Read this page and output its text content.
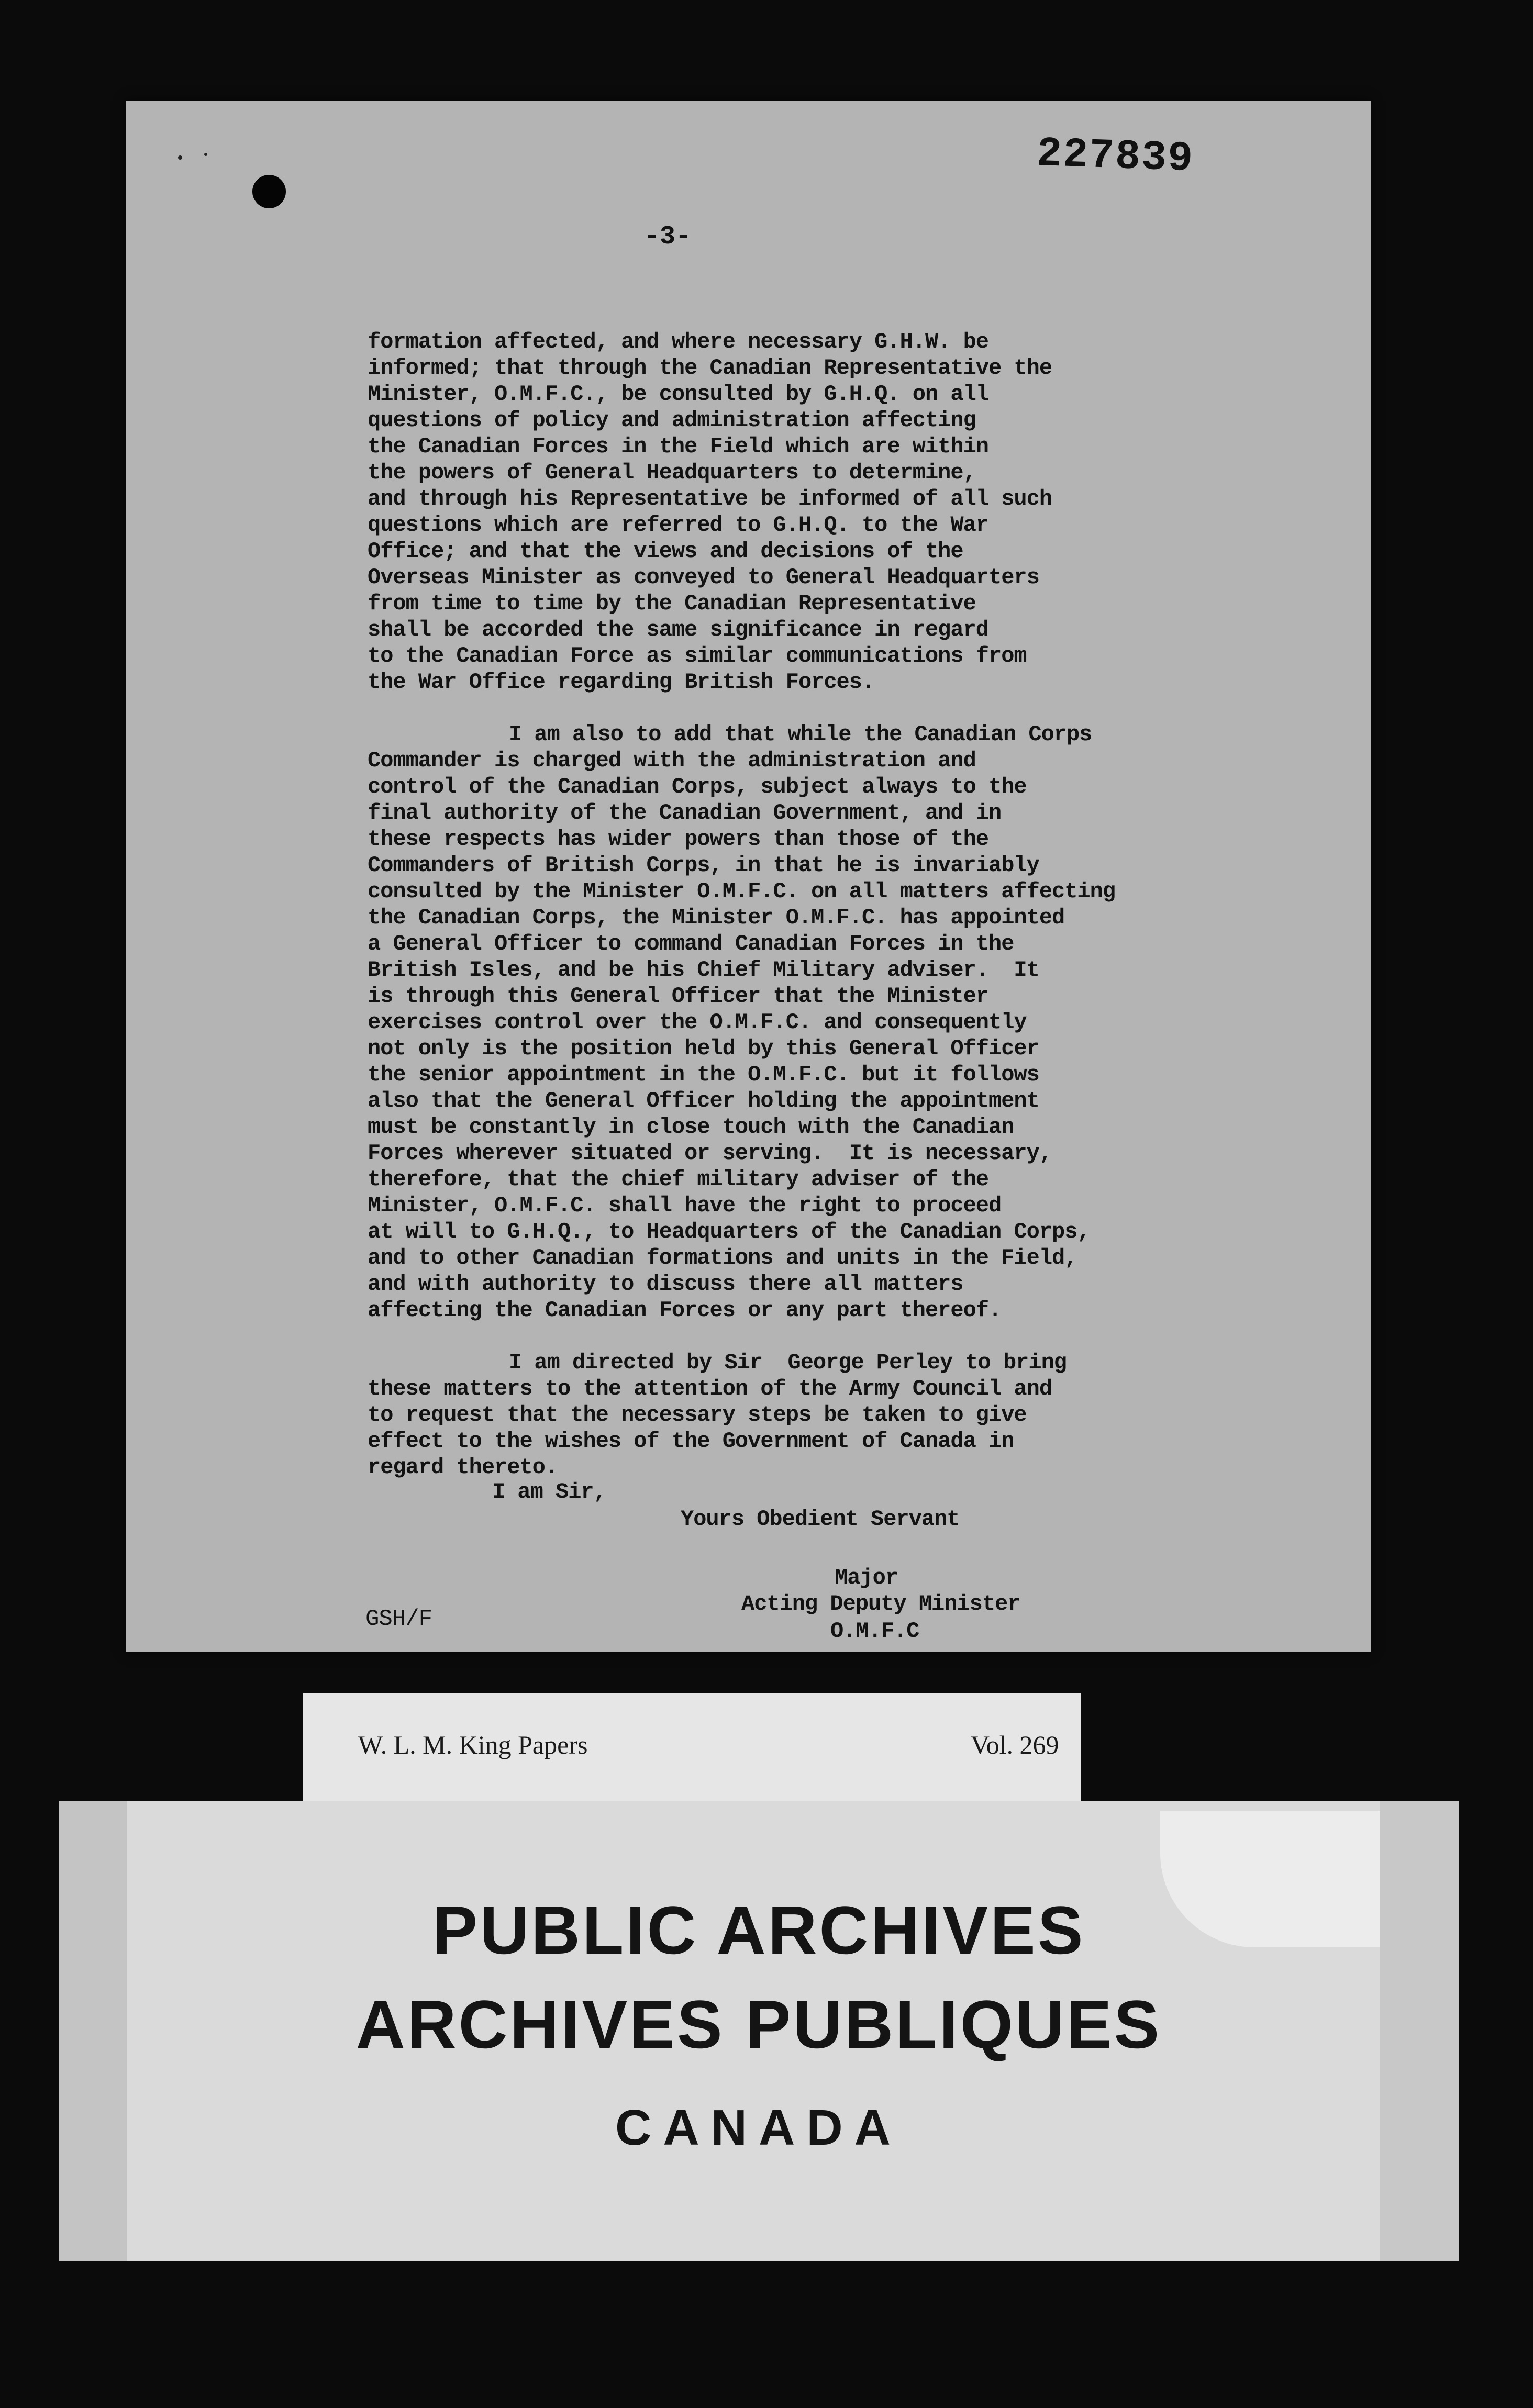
227839
-3-
formation affected, and where necessary G.H.W. be
informed; that through the Canadian Representative the
Minister, O.M.F.C., be consulted by G.H.Q. on all
questions of policy and administration affecting
the Canadian Forces in the Field which are within
the powers of General Headquarters to determine,
and through his Representative be informed of all such
questions which are referred to G.H.Q. to the War
Office; and that the views and decisions of the
Overseas Minister as conveyed to General Headquarters
from time to time by the Canadian Representative
shall be accorded the same significance in regard
to the Canadian Force as similar communications from
the War Office regarding British Forces.
I am also to add that while the Canadian Corps
Commander is charged with the administration and
control of the Canadian Corps, subject always to the
final authority of the Canadian Government, and in
these respects has wider powers than those of the
Commanders of British Corps, in that he is invariably
consulted by the Minister O.M.F.C. on all matters affecting
the Canadian Corps, the Minister O.M.F.C. has appointed
a General Officer to command Canadian Forces in the
British Isles, and be his Chief Military adviser.  It
is through this General Officer that the Minister
exercises control over the O.M.F.C. and consequently
not only is the position held by this General Officer
the senior appointment in the O.M.F.C. but it follows
also that the General Officer holding the appointment
must be constantly in close touch with the Canadian
Forces wherever situated or serving.  It is necessary,
therefore, that the chief military adviser of the
Minister, O.M.F.C. shall have the right to proceed
at will to G.H.Q., to Headquarters of the Canadian Corps,
and to other Canadian formations and units in the Field,
and with authority to discuss there all matters
affecting the Canadian Forces or any part thereof.
I am directed by Sir  George Perley to bring
these matters to the attention of the Army Council and
to request that the necessary steps be taken to give
effect to the wishes of the Government of Canada in
regard thereto.
I am Sir,
Yours Obedient Servant
Major
Acting Deputy Minister
O.M.F.C
GSH/F
W. L. M. King Papers	Vol. 269
PUBLIC ARCHIVES
ARCHIVES PUBLIQUES
CANADA
